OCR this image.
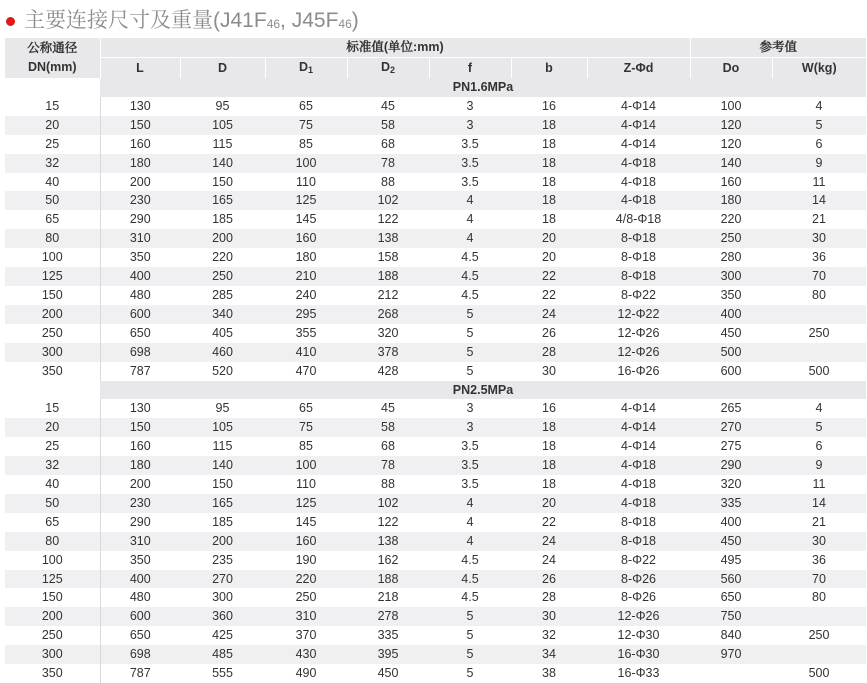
主要连接尺寸及重量($J41F_{46}$, $J45F_{46}$)
公称通径
DN(mm)	标准值(单位:mm)							参考值	
	L	D	$D_1$	$D_2$	f	b	Z-Φd	Do	W(kg)
	PN1.6MPa								
15	130	95	65	45	3	16	4-Φ14	100	4
20	150	105	75	58	3	18	4-Φ14	120	5
25	160	115	85	68	3.5	18	4-Φ14	120	6
32	180	140	100	78	3.5	18	4-Φ18	140	9
40	200	150	110	88	3.5	18	4-Φ18	160	11
50	230	165	125	102	4	18	4-Φ18	180	14
65	290	185	145	122	4	18	4/8-Φ18	220	21
80	310	200	160	138	4	20	8-Φ18	250	30
100	350	220	180	158	4.5	20	8-Φ18	280	36
125	400	250	210	188	4.5	22	8-Φ18	300	70
150	480	285	240	212	4.5	22	8-Φ22	350	80
200	600	340	295	268	5	24	12-Φ22	400	
250	650	405	355	320	5	26	12-Φ26	450	250
300	698	460	410	378	5	28	12-Φ26	500	
350	787	520	470	428	5	30	16-Φ26	600	500
	PN2.5MPa								
15	130	95	65	45	3	16	4-Φ14	265	4
20	150	105	75	58	3	18	4-Φ14	270	5
25	160	115	85	68	3.5	18	4-Φ14	275	6
32	180	140	100	78	3.5	18	4-Φ18	290	9
40	200	150	110	88	3.5	18	4-Φ18	320	11
50	230	165	125	102	4	20	4-Φ18	335	14
65	290	185	145	122	4	22	8-Φ18	400	21
80	310	200	160	138	4	24	8-Φ18	450	30
100	350	235	190	162	4.5	24	8-Φ22	495	36
125	400	270	220	188	4.5	26	8-Φ26	560	70
150	480	300	250	218	4.5	28	8-Φ26	650	80
200	600	360	310	278	5	30	12-Φ26	750	
250	650	425	370	335	5	32	12-Φ30	840	250
300	698	485	430	395	5	34	16-Φ30	970	
350	787	555	490	450	5	38	16-Φ33		500
